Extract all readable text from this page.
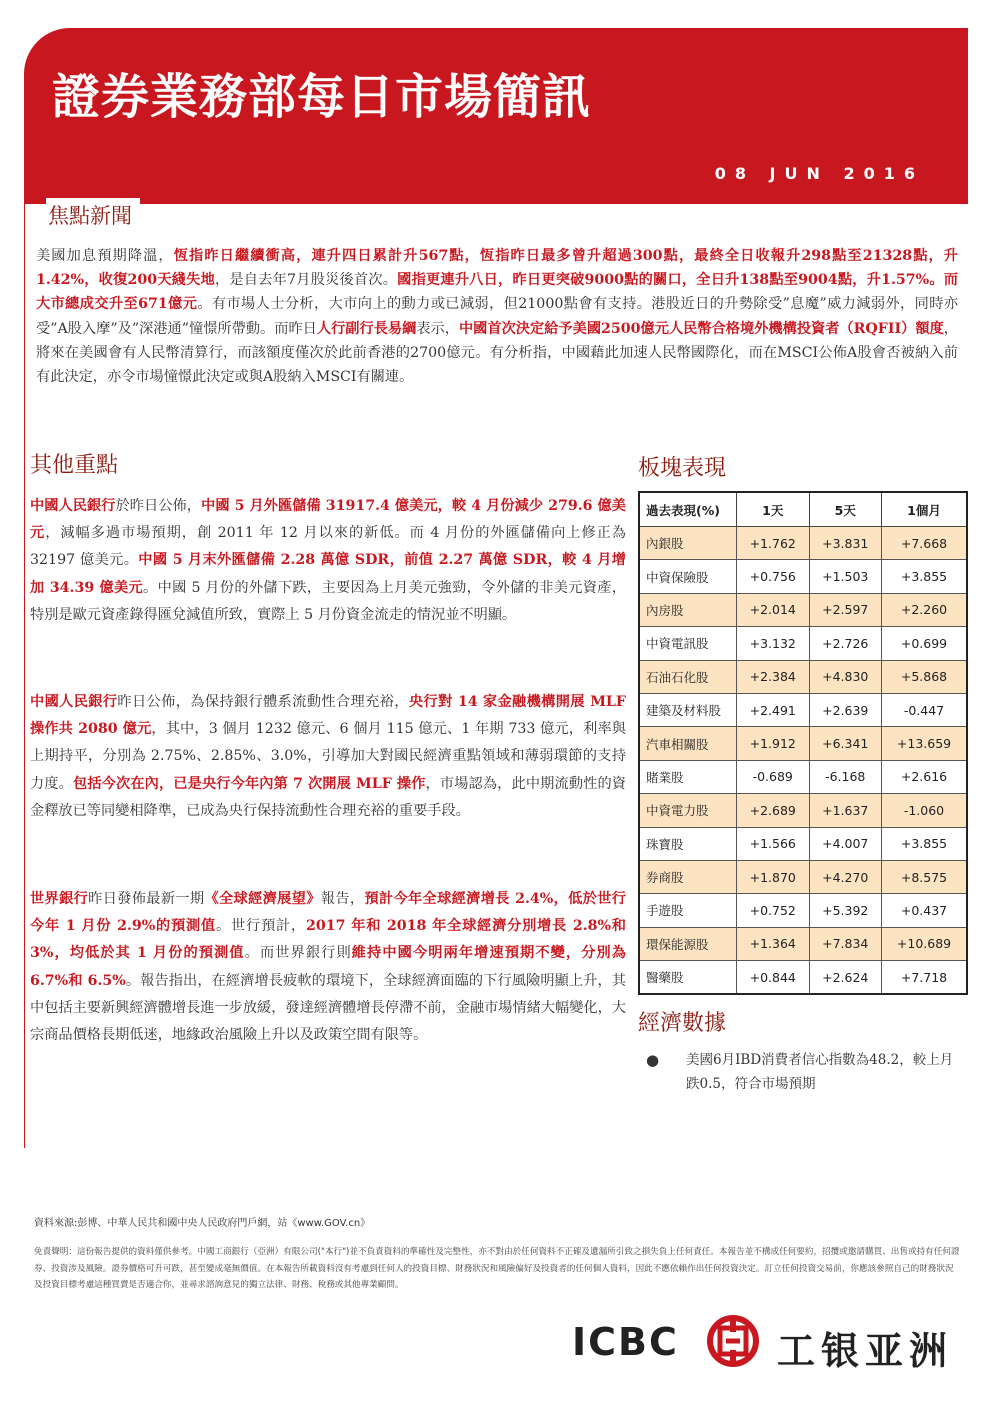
證券業務部每日市場簡訊
08 JUN 2016
焦點新聞
美國加息預期降溫，恆指昨日繼續衝高，連升四日累計升567點，恆指昨日最多曾升超過300點，最終全日收報升298點至21328點，升1.42%，收復200天綫失地，是自去年7月股災後首次。國指更連升八日，昨日更突破9000點的關口，全日升138點至9004點，升1.57%。而大市總成交升至671億元。有市場人士分析，大市向上的動力或已減弱，但21000點會有支持。港股近日的升勢除受”息魔”威力減弱外，同時亦受”A股入摩”及”深港通”憧憬所帶動。而昨日人行副行長易綱表示，中國首次決定給予美國2500億元人民幣合格境外機構投資者（RQFII）額度，將來在美國會有人民幣清算行，而該額度僅次於此前香港的2700億元。有分析指，中國藉此加速人民幣國際化，而在MSCI公佈A股會否被納入前有此決定，亦令市場憧憬此決定或與A股納入MSCI有關連。
其他重點
中國人民銀行於昨日公佈，中國 5 月外匯儲備 31917.4 億美元，較 4 月份減少 279.6 億美元，減幅多過市場預期，創 2011 年 12 月以來的新低。而 4 月份的外匯儲備向上修正為 32197 億美元。中國 5 月末外匯儲備 2.28 萬億 SDR，前值 2.27 萬億 SDR，較 4 月增加 34.39 億美元。中國 5 月份的外儲下跌，主要因為上月美元強勁，令外儲的非美元資產，特別是歐元資產錄得匯兌減值所致，實際上 5 月份資金流走的情況並不明顯。
中國人民銀行昨日公佈，為保持銀行體系流動性合理充裕，央行對 14 家金融機構開展 MLF 操作共 2080 億元，其中，3 個月 1232 億元、6 個月 115 億元、1 年期 733 億元，利率與上期持平，分別為 2.75%、2.85%、3.0%，引導加大對國民經濟重點領域和薄弱環節的支持力度。包括今次在內，已是央行今年內第 7 次開展 MLF 操作，市場認為，此中期流動性的資金釋放已等同變相降準，已成為央行保持流動性合理充裕的重要手段。
世界銀行昨日發佈最新一期《全球經濟展望》報告，預計今年全球經濟增長 2.4%，低於世行今年 1 月份 2.9%的預測值。世行預計，2017 年和 2018 年全球經濟分別增長 2.8%和 3%，均低於其 1 月份的預測值。而世界銀行則維持中國今明兩年增速預期不變，分別為 6.7%和 6.5%。報告指出，在經濟增長疲軟的環境下，全球經濟面臨的下行風險明顯上升，其中包括主要新興經濟體增長進一步放緩，發達經濟體增長停滯不前，金融市場情緒大幅變化，大宗商品價格長期低迷，地緣政治風險上升以及政策空間有限等。
板塊表現
過去表現(%)	1天	5天	1個月
內銀股	+1.762	+3.831	+7.668
中資保險股	+0.756	+1.503	+3.855
內房股	+2.014	+2.597	+2.260
中資電訊股	+3.132	+2.726	+0.699
石油石化股	+2.384	+4.830	+5.868
建築及材料股	+2.491	+2.639	-0.447
汽車相關股	+1.912	+6.341	+13.659
賭業股	-0.689	-6.168	+2.616
中資電力股	+2.689	+1.637	-1.060
珠寶股	+1.566	+4.007	+3.855
券商股	+1.870	+4.270	+8.575
手遊股	+0.752	+5.392	+0.437
環保能源股	+1.364	+7.834	+10.689
醫藥股	+0.844	+2.624	+7.718
經濟數據
● 美國6月IBD消費者信心指數為48.2，較上月跌0.5，符合市場預期
資料來源:彭博、中華人民共和國中央人民政府門戶網，站《www.GOV.cn》
免責聲明：這份報告提供的資料僅供參考。中國工商銀行（亞洲）有限公司("本行")並不負責資料的準確性及完整性，亦不對由於任何資料不正確及遺漏所引致之損失負上任何責任。本報告並不構成任何要約，招攬或邀請購買、出售或持有任何證券、投資涉及風險。證券價格可升可跌，甚至變成毫無價值。在本報告所載資料沒有考慮到任何人的投資目標、財務狀況和風險偏好及投資者的任何個人資料，因此不應依賴作出任何投資決定。訂立任何投資交易前，你應該參照自己的財務狀況及投資目標考慮這種買賣是否適合你，並尋求諮詢意見的獨立法律、財務、稅務或其他專業顧問。
ICBC	工银亚洲
